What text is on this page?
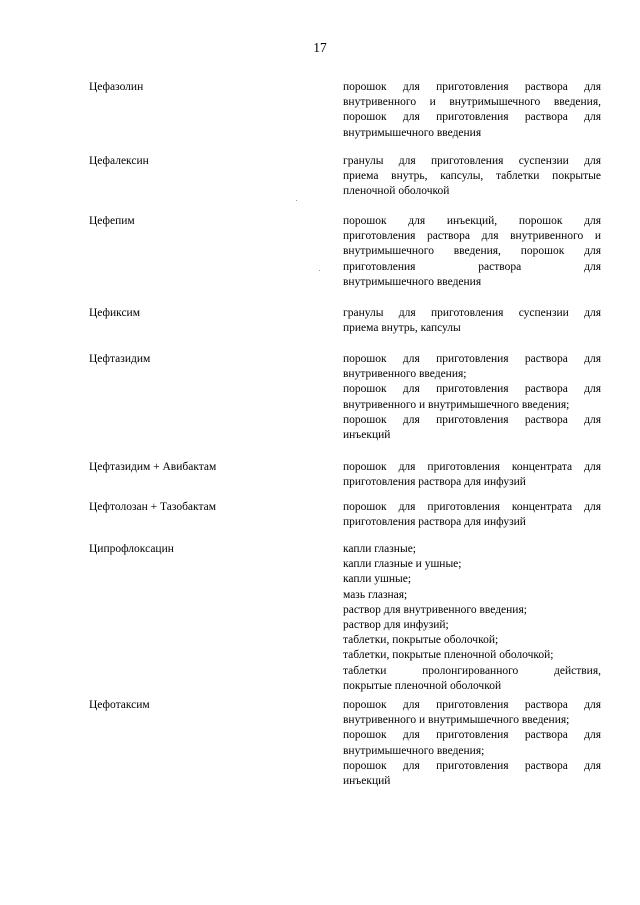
17
Цефазолин	порошок для приготовления раствора для
внутривенного и внутримышечного введения,
порошок для приготовления раствора для
внутримышечного введения
Цефалексин	гранулы для приготовления суспензии для
приема внутрь, капсулы, таблетки покрытые
пленочной оболочкой
Цефепим	порошок для инъекций, порошок для
приготовления раствора для внутривенного и
внутримышечного введения, порошок для
приготовления раствора для
внутримышечного введения
Цефиксим	гранулы для приготовления суспензии для
приема внутрь, капсулы
Цефтазидим	порошок для приготовления раствора для
внутривенного введения;
порошок для приготовления раствора для
внутривенного и внутримышечного введения;
порошок для приготовления раствора для
инъекций
Цефтазидим + Авибактам	порошок для приготовления концентрата для
приготовления раствора для инфузий
Цефтолозан + Тазобактам	порошок для приготовления концентрата для
приготовления раствора для инфузий
Ципрофлоксацин	капли глазные;
капли глазные и ушные;
капли ушные;
мазь глазная;
раствор для внутривенного введения;
раствор для инфузий;
таблетки, покрытые оболочкой;
таблетки, покрытые пленочной оболочкой;
таблетки пролонгированного действия,
покрытые пленочной оболочкой
Цефотаксим	порошок для приготовления раствора для
внутривенного и внутримышечного введения;
порошок для приготовления раствора для
внутримышечного введения;
порошок для приготовления раствора для
инъекций
